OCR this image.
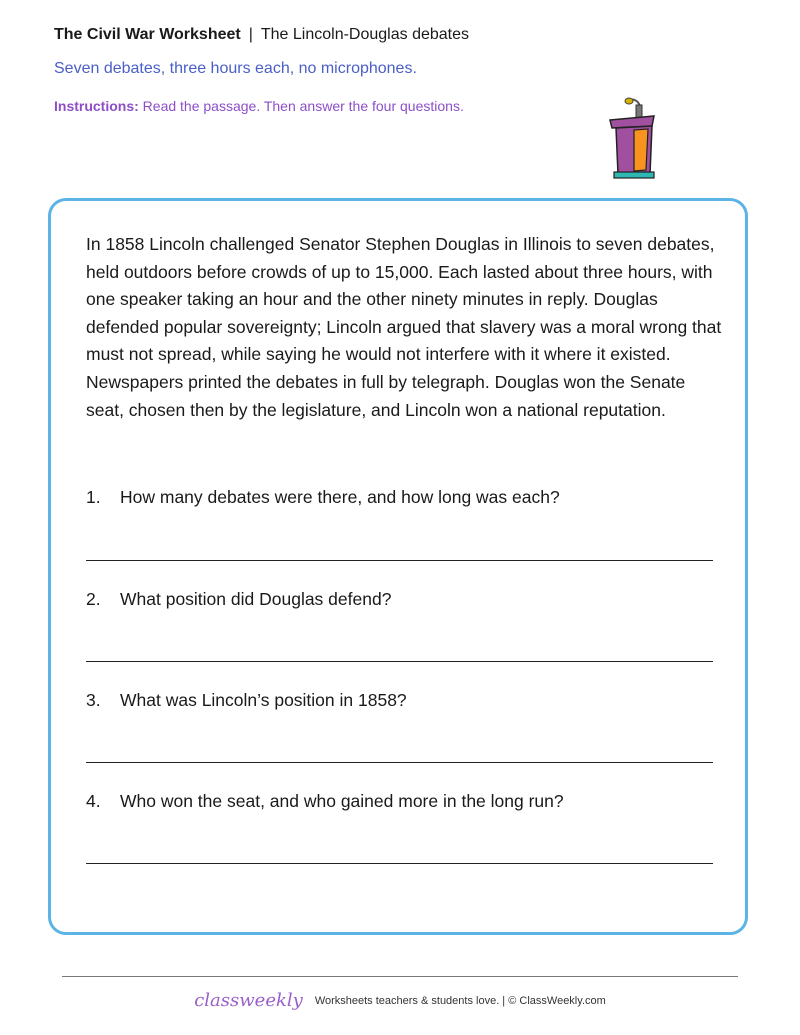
The Civil War Worksheet | The Lincoln-Douglas debates
Seven debates, three hours each, no microphones.
Instructions: Read the passage. Then answer the four questions.

In 1858 Lincoln challenged Senator Stephen Douglas in Illinois to seven debates, held outdoors before crowds of up to 15,000. Each lasted about three hours, with one speaker taking an hour and the other ninety minutes in reply. Douglas defended popular sovereignty; Lincoln argued that slavery was a moral wrong that must not spread, while saying he would not interfere with it where it existed. Newspapers printed the debates in full by telegraph. Douglas won the Senate seat, chosen then by the legislature, and Lincoln won a national reputation.

1. How many debates were there, and how long was each?
2. What position did Douglas defend?
3. What was Lincoln’s position in 1858?
4. Who won the seat, and who gained more in the long run?
classweekly Worksheets teachers & students love. | © ClassWeekly.com
